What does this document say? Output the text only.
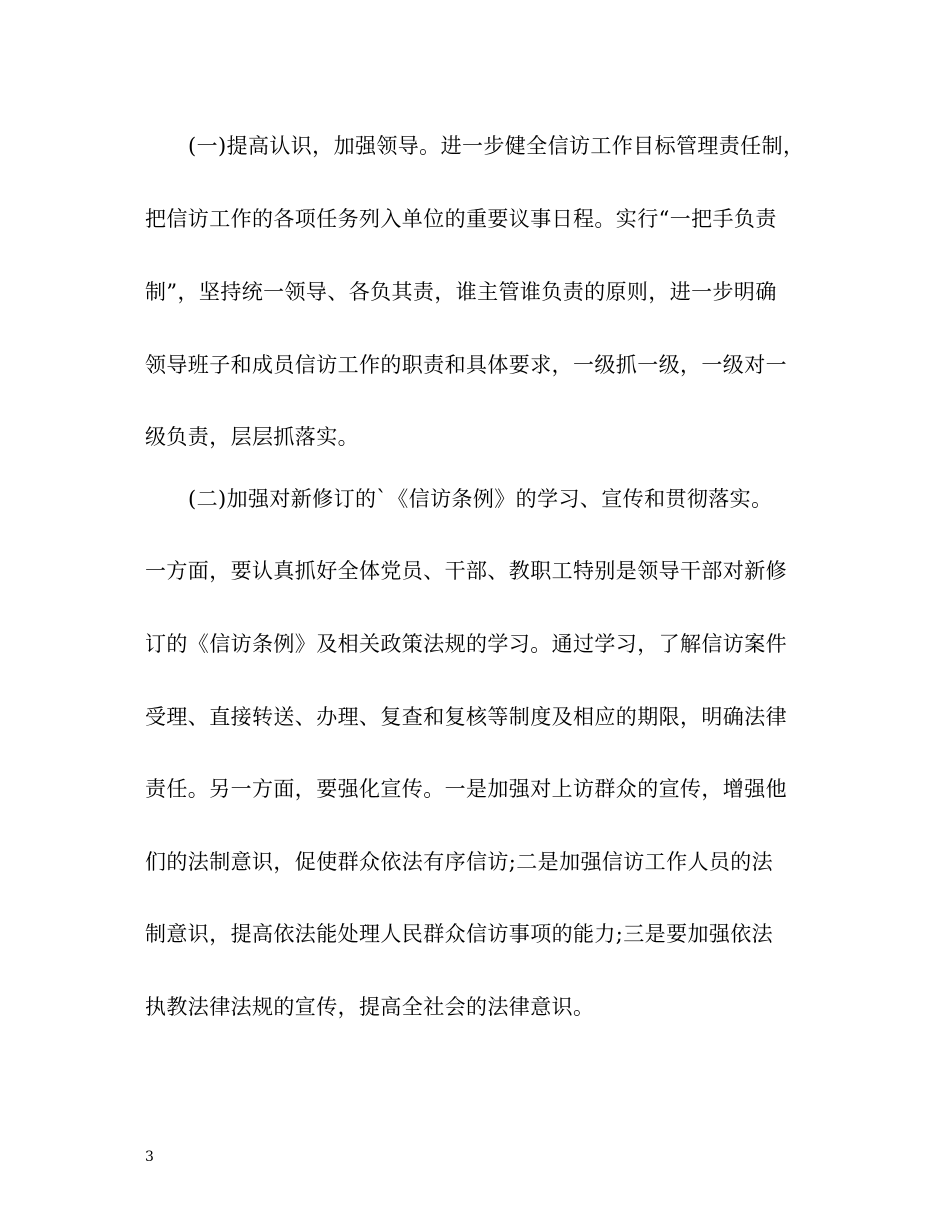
(一)提高认识，加强领导。进一步健全信访工作目标管理责任制，
把信访工作的各项任务列入单位的重要议事日程。实行“一把手负责
制”，坚持统一领导、各负其责，谁主管谁负责的原则，进一步明确
领导班子和成员信访工作的职责和具体要求，一级抓一级，一级对一
级负责，层层抓落实。
(二)加强对新修订的`《信访条例》的学习、宣传和贯彻落实。
一方面，要认真抓好全体党员、干部、教职工特别是领导干部对新修
订的《信访条例》及相关政策法规的学习。通过学习，了解信访案件
受理、直接转送、办理、复查和复核等制度及相应的期限，明确法律
责任。另一方面，要强化宣传。一是加强对上访群众的宣传，增强他
们的法制意识，促使群众依法有序信访;二是加强信访工作人员的法
制意识，提高依法能处理人民群众信访事项的能力;三是要加强依法
执教法律法规的宣传，提高全社会的法律意识。
3
